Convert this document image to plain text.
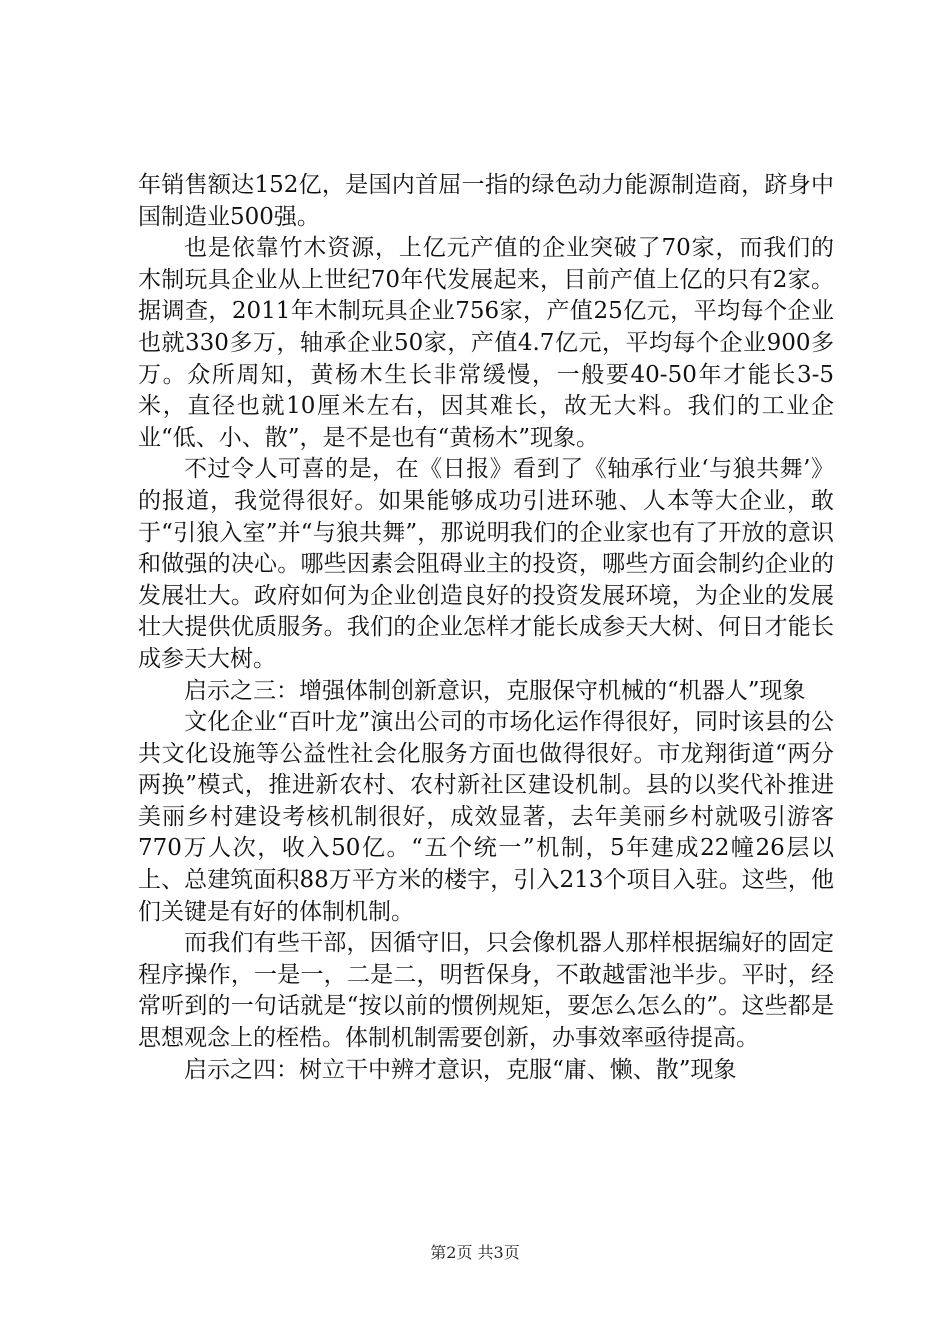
年销售额达152亿，是国内首屈一指的绿色动力能源制造商，跻身中国制造业500强。

也是依靠竹木资源，上亿元产值的企业突破了70家，而我们的木制玩具企业从上世纪70年代发展起来，目前产值上亿的只有2家。据调查，2011年木制玩具企业756家，产值25亿元，平均每个企业也就330多万，轴承企业50家，产值4.7亿元，平均每个企业900多万。众所周知，黄杨木生长非常缓慢，一般要40-50年才能长3-5米，直径也就10厘米左右，因其难长，故无大料。我们的工业企业“低、小、散”，是不是也有“黄杨木”现象。

不过令人可喜的是，在《日报》看到了《轴承行业‘与狼共舞’》的报道，我觉得很好。如果能够成功引进环驰、人本等大企业，敢于“引狼入室”并“与狼共舞”，那说明我们的企业家也有了开放的意识和做强的决心。哪些因素会阻碍业主的投资，哪些方面会制约企业的发展壮大。政府如何为企业创造良好的投资发展环境，为企业的发展壮大提供优质服务。我们的企业怎样才能长成参天大树、何日才能长成参天大树。

启示之三：增强体制创新意识，克服保守机械的“机器人”现象

文化企业“百叶龙”演出公司的市场化运作得很好，同时该县的公共文化设施等公益性社会化服务方面也做得很好。市龙翔街道“两分两换”模式，推进新农村、农村新社区建设机制。县的以奖代补推进美丽乡村建设考核机制很好，成效显著，去年美丽乡村就吸引游客770万人次，收入50亿。“五个统一”机制，5年建成22幢26层以上、总建筑面积88万平方米的楼宇，引入213个项目入驻。这些，他们关键是有好的体制机制。

而我们有些干部，因循守旧，只会像机器人那样根据编好的固定程序操作，一是一，二是二，明哲保身，不敢越雷池半步。平时，经常听到的一句话就是“按以前的惯例规矩，要怎么怎么的”。这些都是思想观念上的桎梏。体制机制需要创新，办事效率亟待提高。

启示之四：树立干中辨才意识，克服“庸、懒、散”现象

第2页 共3页
